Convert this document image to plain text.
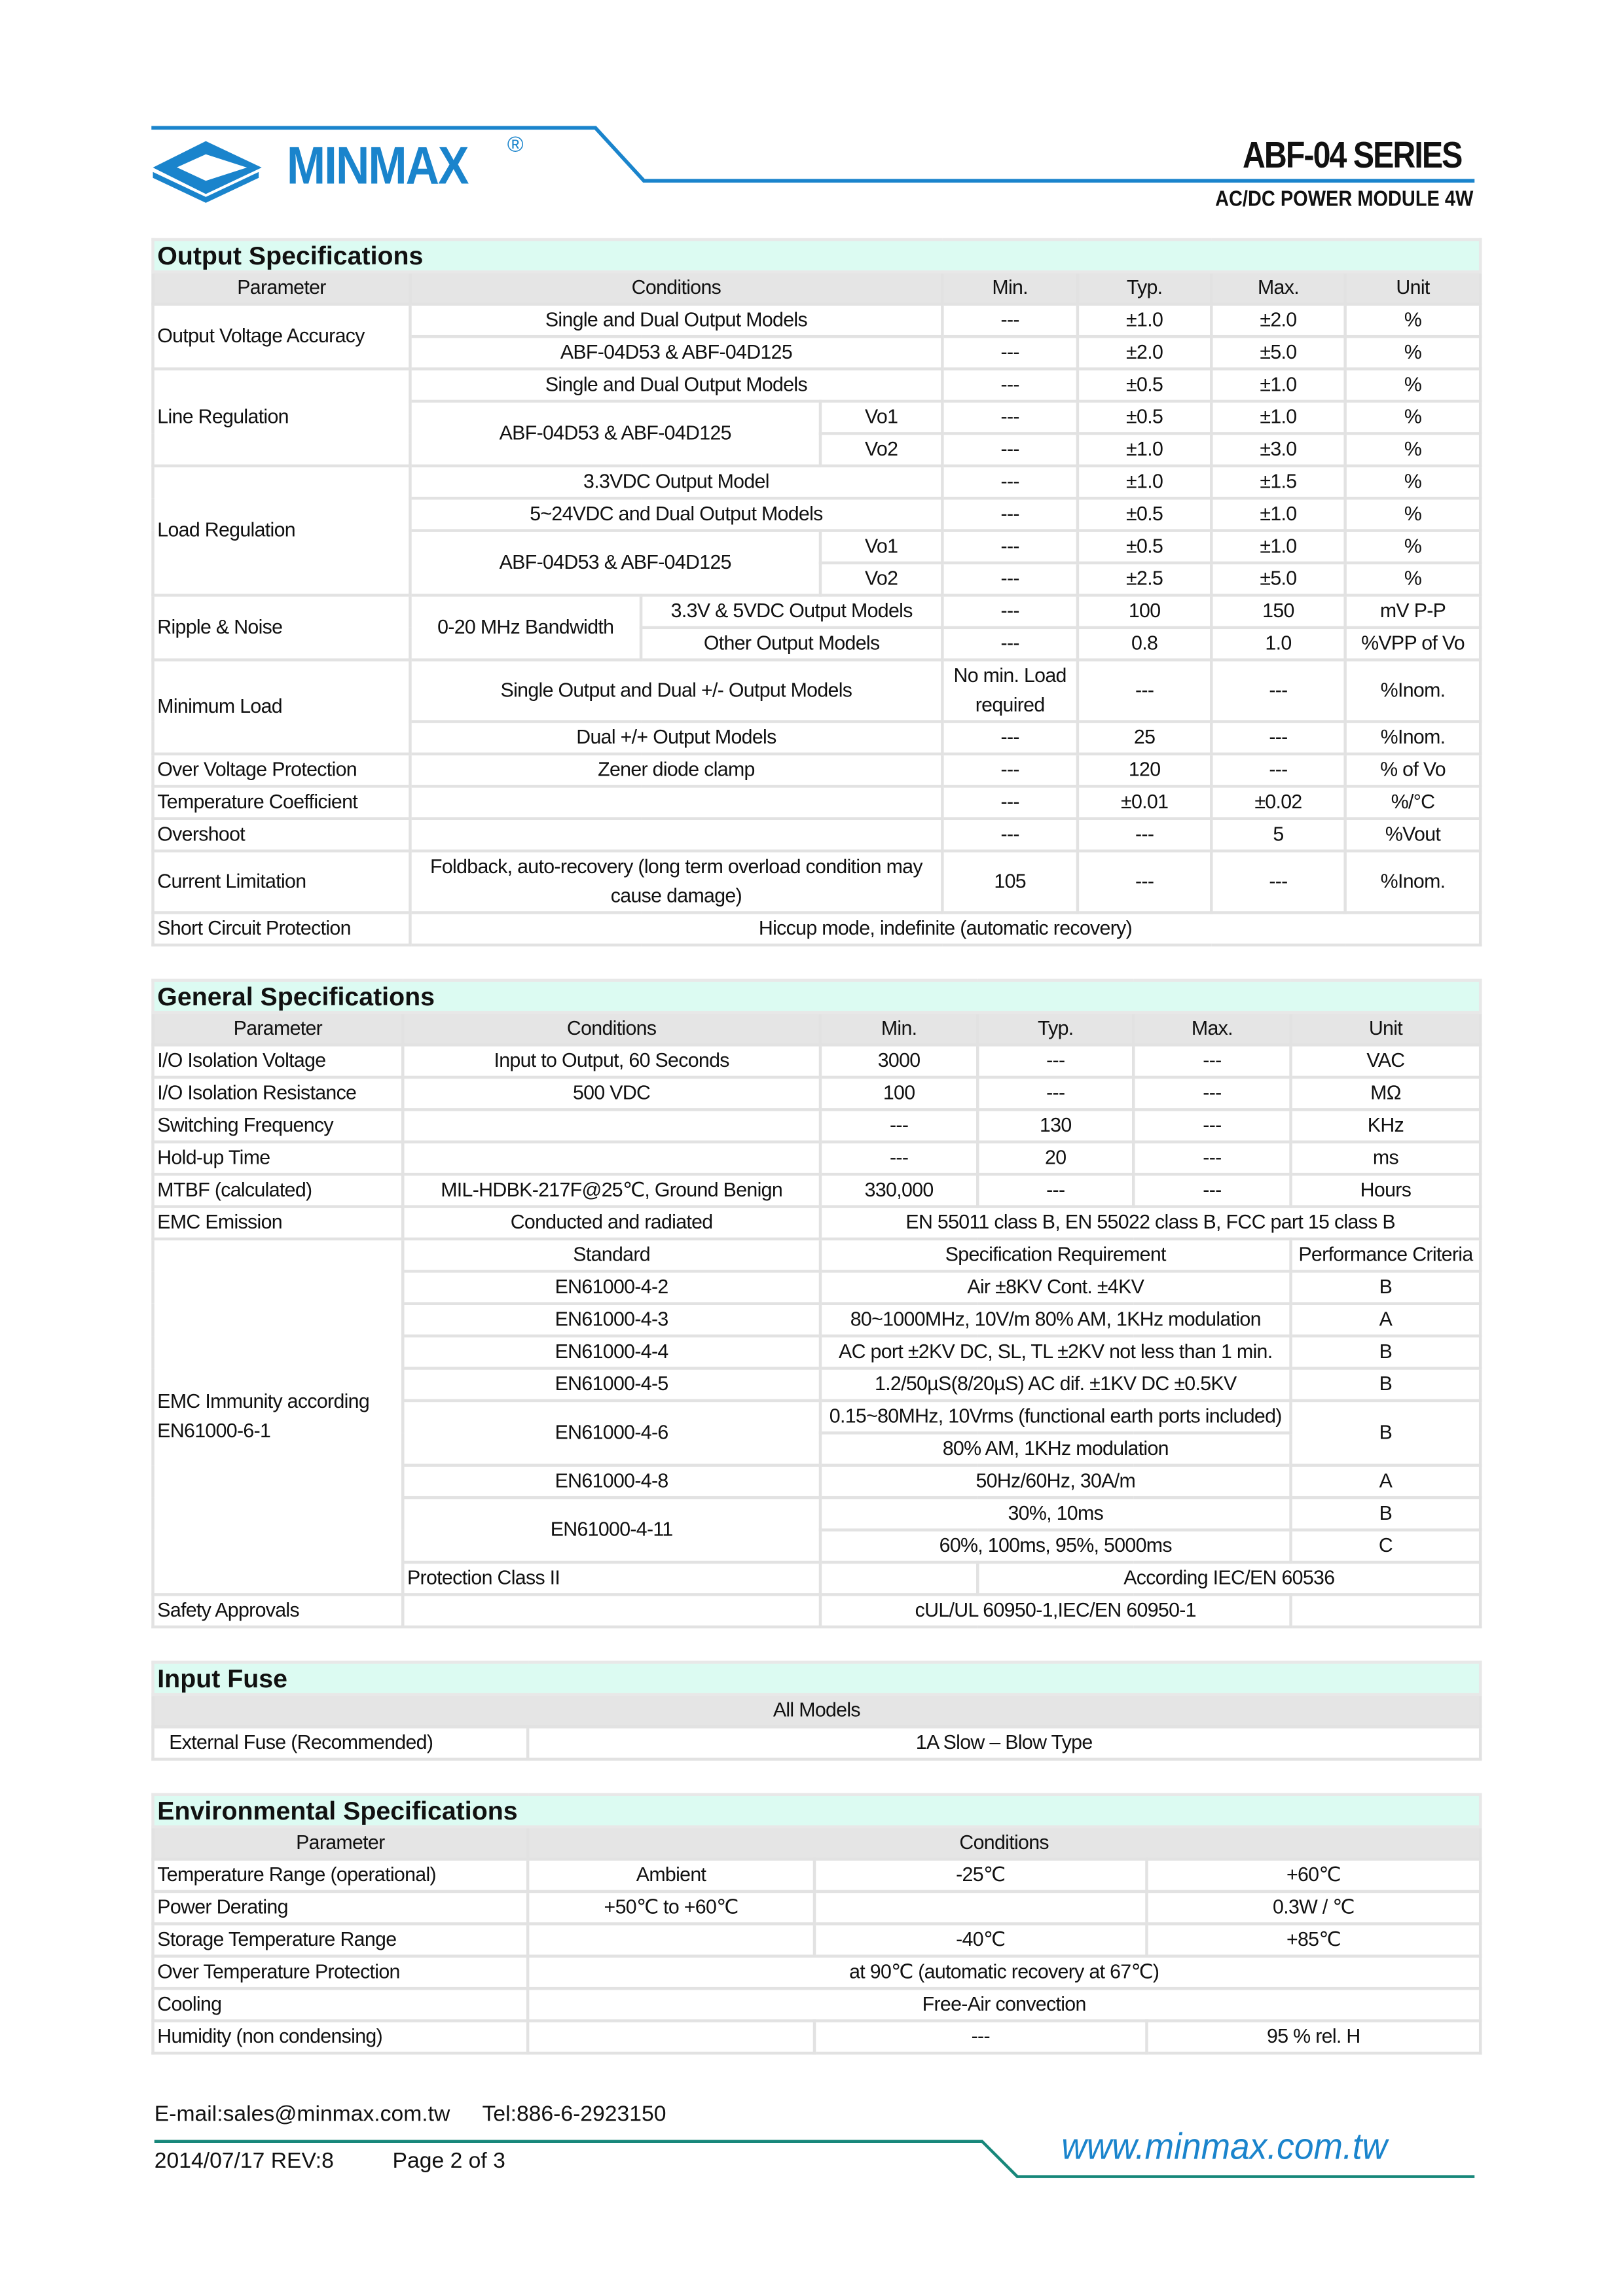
MINMAX	®	ABF-04 SERIES
AC/DC POWER MODULE 4W
Output Specifications							
Parameter	Conditions			Min.	Typ.	Max.	Unit
Output Voltage Accuracy	Single and Dual Output Models			---	±1.0	±2.0	%
	ABF-04D53 & ABF-04D125			---	±2.0	±5.0	%
Line Regulation	Single and Dual Output Models			---	±0.5	±1.0	%
	ABF-04D53 & ABF-04D125		Vo1	---	±0.5	±1.0	%
			Vo2	---	±1.0	±3.0	%
Load Regulation	3.3VDC Output Model			---	±1.0	±1.5	%
	5~24VDC and Dual Output Models			---	±0.5	±1.0	%
	ABF-04D53 & ABF-04D125		Vo1	---	±0.5	±1.0	%
			Vo2	---	±2.5	±5.0	%
Ripple & Noise	0-20 MHz Bandwidth	3.3V & 5VDC Output Models		---	100	150	mV P-P
		Other Output Models		---	0.8	1.0	%VPP of Vo
Minimum Load	Single Output and Dual +/- Output Models			No min. Load required	---	---	%Inom.
	Dual +/+ Output Models			---	25	---	%Inom.
Over Voltage Protection	Zener diode clamp			---	120	---	% of Vo
Temperature Coefficient				---	±0.01	±0.02	%/°C
Overshoot				---	---	5	%Vout
Current Limitation	Foldback, auto-recovery (long term overload condition may cause damage)			105	---	---	%Inom.
Short Circuit Protection	Hiccup mode, indefinite (automatic recovery)						
General Specifications						
Parameter	Conditions	Min.	Typ.	Max.	Unit	
I/O Isolation Voltage	Input to Output, 60 Seconds	3000	---	---	VAC	
I/O Isolation Resistance	500 VDC	100	---	---	MΩ	
Switching Frequency		---	130	---	KHz	
Hold-up Time		---	20	---	ms	
MTBF (calculated)	MIL-HDBK-217F@25℃, Ground Benign	330,000	---	---	Hours	
EMC Emission	Conducted and radiated	EN 55011 class B, EN 55022 class B, FCC part 15 class B				
EMC Immunity according EN61000-6-1	Standard	Specification Requirement			Performance Criteria	
	EN61000-4-2	Air ±8KV Cont. ±4KV			B	
	EN61000-4-3	80~1000MHz, 10V/m 80% AM, 1KHz modulation			A	
	EN61000-4-4	AC port ±2KV DC, SL, TL ±2KV not less than 1 min.			B	
	EN61000-4-5	1.2/50µS(8/20µS) AC dif. ±1KV DC ±0.5KV			B	
	EN61000-4-6	0.15~80MHz, 10Vrms (functional earth ports included)			B	
		80% AM, 1KHz modulation				
	EN61000-4-8	50Hz/60Hz, 30A/m			A	
	EN61000-4-11	30%, 10ms			B	
		60%, 100ms, 95%, 5000ms			C	
	Protection Class II		According IEC/EN 60536			
Safety Approvals		cUL/UL 60950-1,IEC/EN 60950-1				
Input Fuse
All Models
External Fuse (Recommended)	1A Slow – Blow Type
Environmental Specifications			
Parameter	Conditions		
Temperature Range (operational)	Ambient	-25℃	+60℃
Power Derating	+50℃ to +60℃		0.3W / ℃
Storage Temperature Range		-40℃	+85℃
Over Temperature Protection	at 90℃ (automatic recovery at 67℃)		
Cooling	Free-Air convection		
Humidity (non condensing)		---	95 % rel. H
E-mail:sales@minmax.com.tw	Tel:886-6-2923150
2014/07/17 REV:8	Page 2 of 3	www.minmax.com.tw
